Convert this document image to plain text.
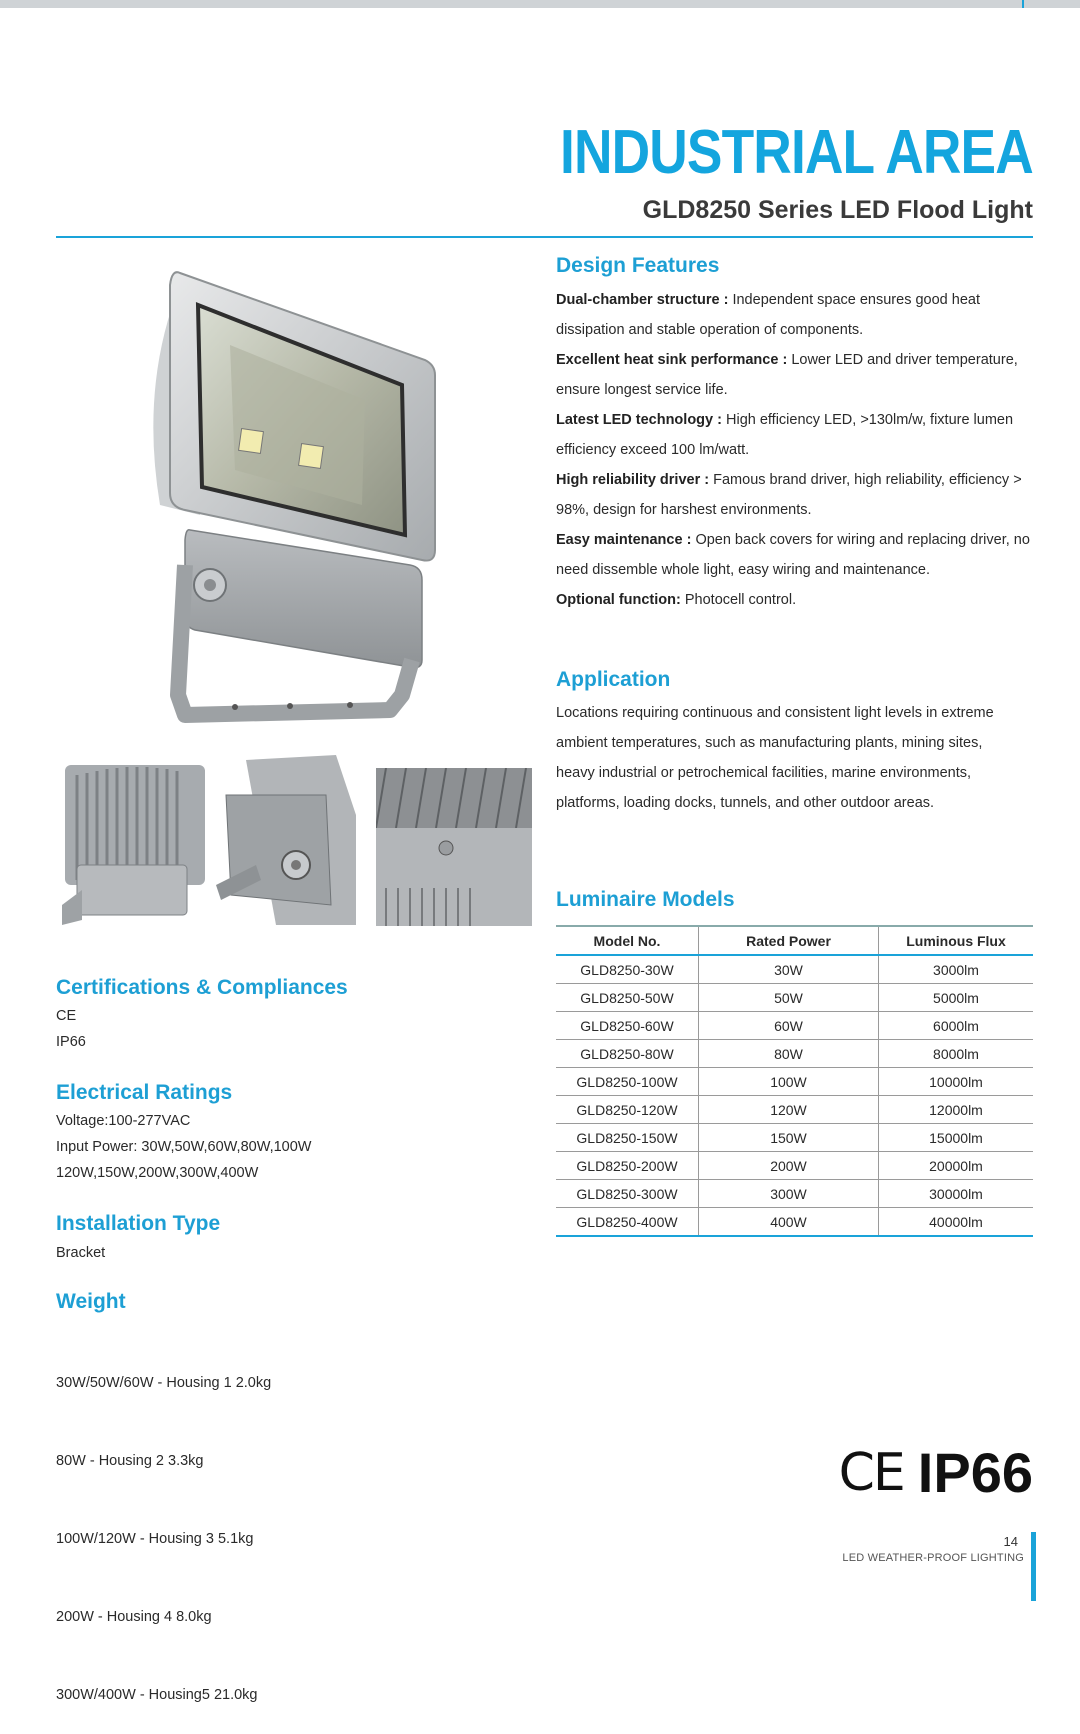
INDUSTRIAL AREA
GLD8250 Series LED Flood Light
Design Features

Dual-chamber structure : Independent space ensures good heat dissipation and stable operation of components.

Excellent heat sink performance : Lower LED and driver temperature, ensure longest service life.

Latest LED technology : High efficiency LED, >130lm/w, fixture lumen efficiency exceed 100 lm/watt.

High reliability driver : Famous brand driver, high reliability, efficiency > 98%, design for harshest environments.

Easy maintenance : Open back covers for wiring and replacing driver, no need dissemble whole light, easy wiring and maintenance.

Optional function: Photocell control.

Application
Locations requiring continuous and consistent light levels in extreme ambient temperatures, such as manufacturing plants, mining sites, heavy industrial or petrochemical facilities, marine environments, platforms, loading docks, tunnels, and other outdoor areas.
Luminaire Models
Model No.	Rated Power	Luminous Flux
GLD8250-30W	30W	3000lm
GLD8250-50W	50W	5000lm
GLD8250-60W	60W	6000lm
GLD8250-80W	80W	8000lm
GLD8250-100W	100W	10000lm
GLD8250-120W	120W	12000lm
GLD8250-150W	150W	15000lm
GLD8250-200W	200W	20000lm
GLD8250-300W	300W	30000lm
GLD8250-400W	400W	40000lm
Certifications & Compliances
CE
IP66
Electrical Ratings
Voltage:100-277VAC
Input Power: 30W,50W,60W,80W,100W
120W,150W,200W,300W,400W
Installation Type
Bracket
Weight

30W/50W/60W - Housing 1 2.0kg

80W - Housing 2 3.3kg

100W/120W - Housing 3 5.1kg

200W - Housing 4 8.0kg

300W/400W - Housing5 21.0kg

CE IP66
14
LED WEATHER-PROOF LIGHTING
